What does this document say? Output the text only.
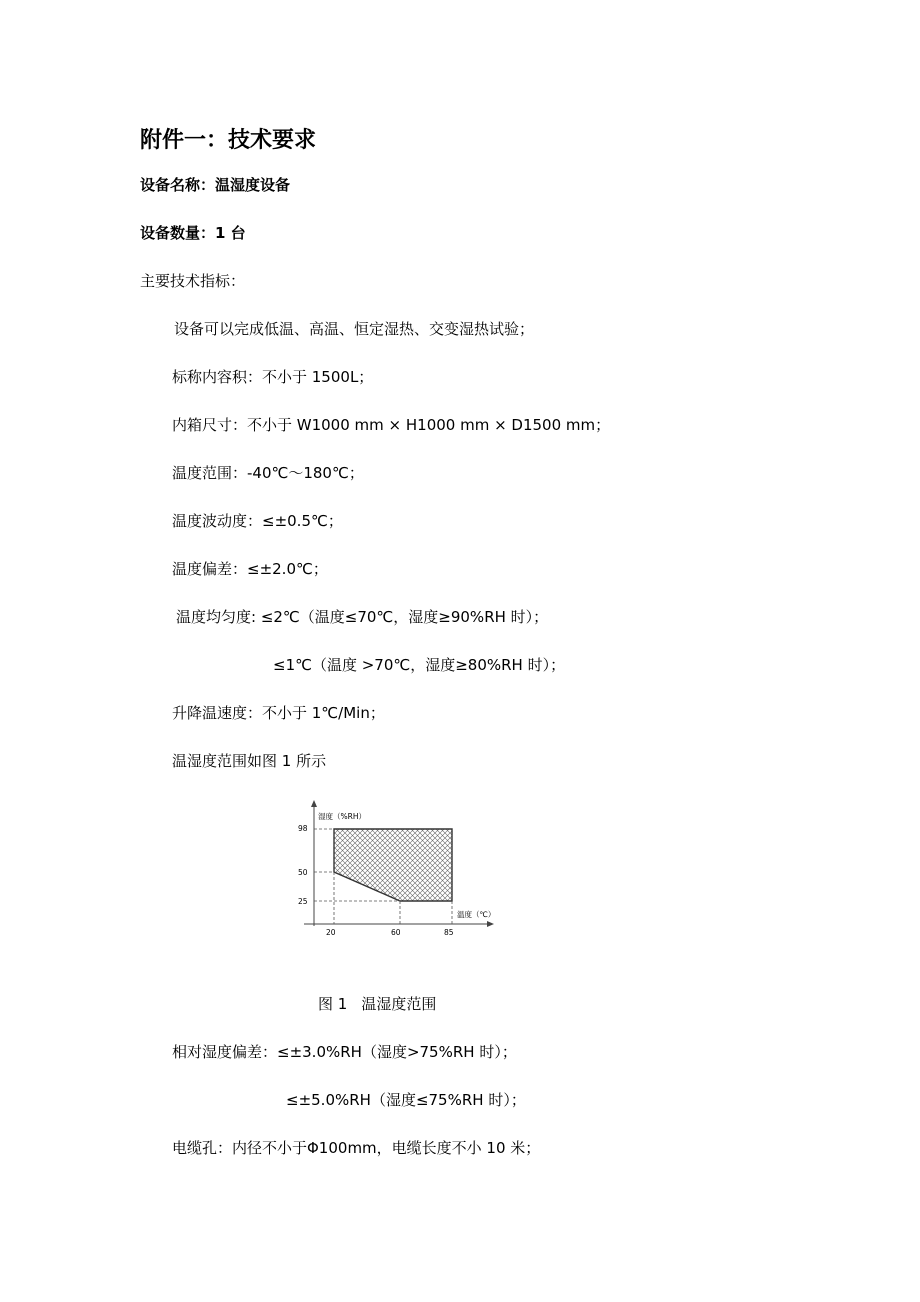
附件一：技术要求
设备名称：温湿度设备
设备数量：1 台
主要技术指标：
设备可以完成低温、高温、恒定湿热、交变湿热试验；
标称内容积：不小于 1500L；
内箱尺寸：不小于 W1000 mm × H1000 mm × D1500 mm；
温度范围：-40℃～180℃；
温度波动度：≤±0.5℃；
温度偏差：≤±2.0℃；
温度均匀度: ≤2℃（温度≤70℃，湿度≥90%RH 时）；
≤1℃（温度 >70℃，湿度≥80%RH 时）；
升降温速度：不小于 1℃/Min；
温湿度范围如图 1 所示
湿度（%RH）
温度（℃）
98
50
25
20	60	85
图 1 温湿度范围
相对湿度偏差：≤±3.0%RH（湿度>75%RH 时）；
≤±5.0%RH（湿度≤75%RH 时）；
电缆孔：内径不小于Φ100mm，电缆长度不小 10 米；
